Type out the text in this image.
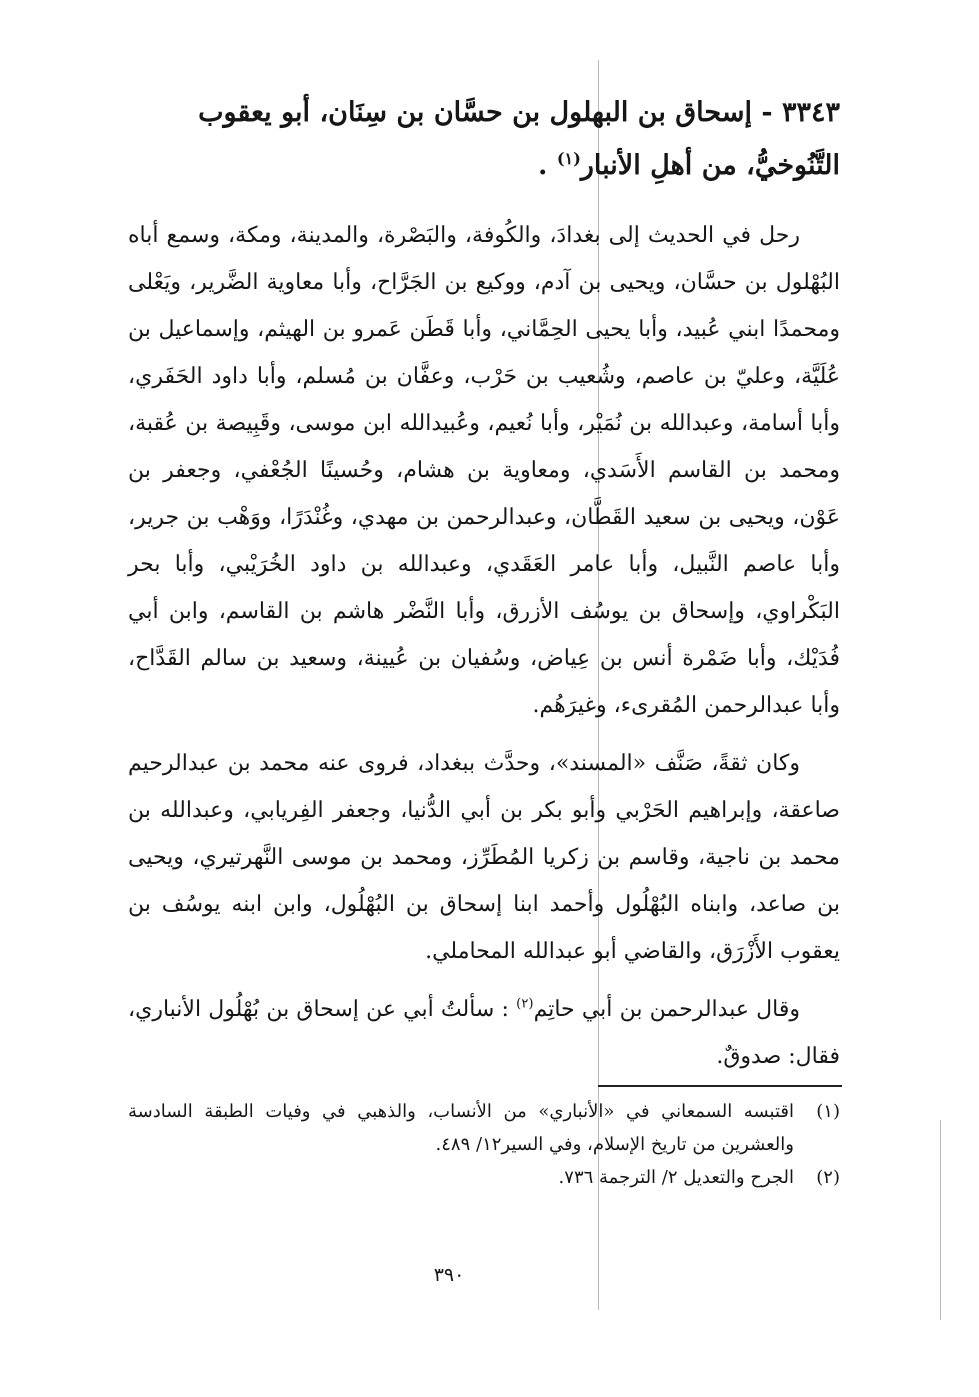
٣٣٤٣ - إسحاق بن البهلول بن حسَّان بن سِنَان، أبو يعقوب
التَّنُوخيُّ، من أهلِ الأنبار$^{(١)}$ .

رحل في الحديث إلى بغدادَ، والكُوفة، والبَصْرة، والمدينة، ومكة، وسمع أباه البُهْلول بن حسَّان، ويحيى بن آدم، ووكيع بن الجَرَّاح، وأبا معاوية الضَّرير، ويَعْلى ومحمدًا ابني عُبيد، وأبا يحيى الحِمَّاني، وأبا قَطَن عَمرو بن الهيثم، وإسماعيل بن عُلَيَّة، وعليّ بن عاصم، وشُعيب بن حَرْب، وعفَّان بن مُسلم، وأبا داود الحَفَري، وأبا أسامة، وعبدالله بن نُمَيْر، وأبا نُعيم، وعُبيدالله ابن موسى، وقَبِيصة بن عُقبة، ومحمد بن القاسم الأَسَدي، ومعاوية بن هشام، وحُسينًا الجُعْفي، وجعفر بن عَوْن، ويحيى بن سعيد القَطَّان، وعبدالرحمن بن مهدي، وغُنْدَرًا، ووَهْب بن جرير، وأبا عاصم النَّبيل، وأبا عامر العَقَدي، وعبدالله بن داود الخُرَيْبي، وأبا بحر البَكْراوي، وإسحاق بن يوسُف الأزرق، وأبا النَّضْر هاشم بن القاسم، وابن أبي فُدَيْك، وأبا ضَمْرة أنس بن عِياض، وسُفيان بن عُيينة، وسعيد بن سالم القَدَّاح، وأبا عبدالرحمن المُقرىء، وغيرَهُم.

وكان ثقةً، صَنَّف «المسند»، وحدَّث ببغداد، فروى عنه محمد بن عبدالرحيم صاعقة، وإبراهيم الحَرْبي وأبو بكر بن أبي الدُّنيا، وجعفر الفِريابي، وعبدالله بن محمد بن ناجية، وقاسم بن زكريا المُطَرِّز، ومحمد بن موسى النَّهرتيري، ويحيى بن صاعد، وابناه البُهْلُول وأحمد ابنا إسحاق بن البُهْلُول، وابن ابنه يوسُف بن يعقوب الأَزْرَق، والقاضي أبو عبدالله المحاملي.

وقال عبدالرحمن بن أبي حاتِم$^{(٢)}$ : سألتُ أبي عن إسحاق بن بُهْلُول الأنباري، فقال: صدوقٌ.

(١)
اقتبسه السمعاني في «الأنباري» من الأنساب، والذهبي في وفيات الطبقة السادسة والعشرين من تاريخ الإسلام، وفي السير١٢/ ٤٨٩.

(٢)
الجرح والتعديل ٢/ الترجمة ٧٣٦.

٣٩٠
